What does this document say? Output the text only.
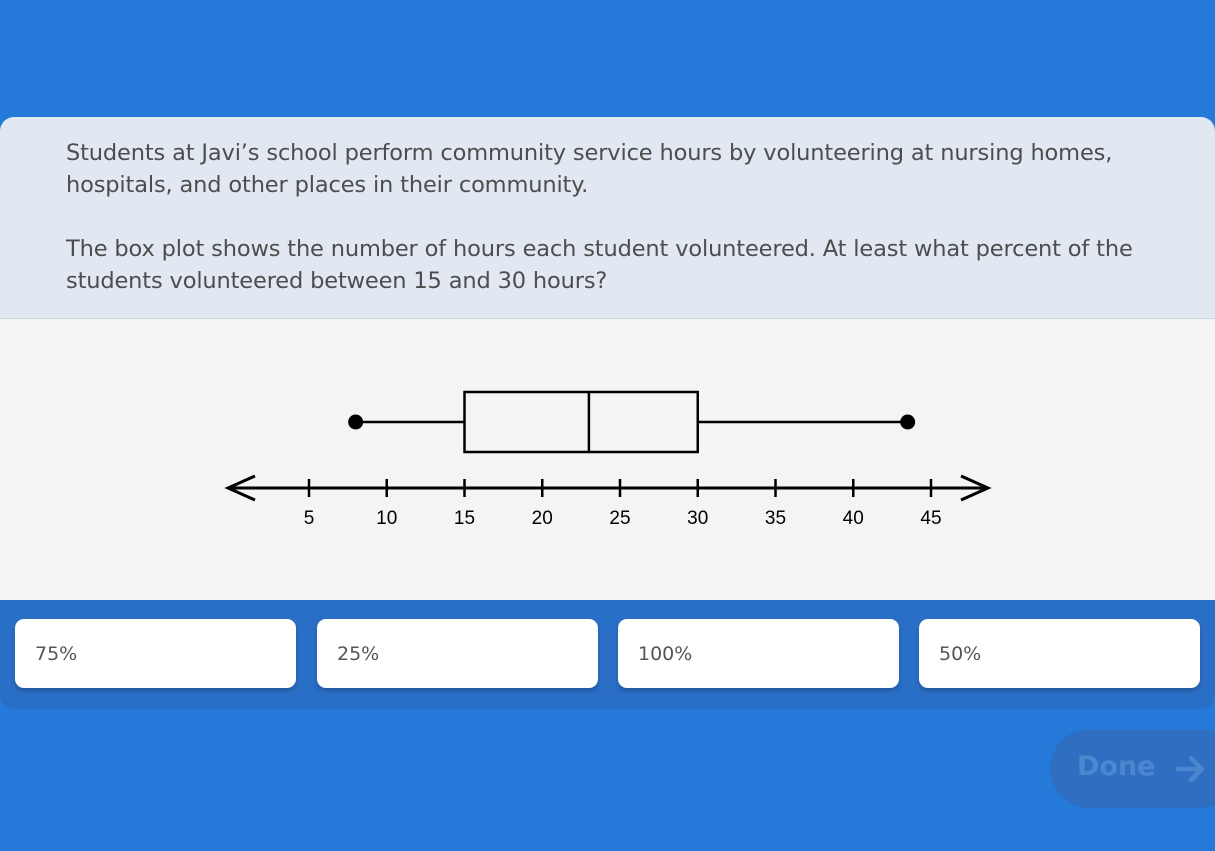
Students at Javi’s school perform community service hours by volunteering at nursing homes, hospitals, and other places in their community.

The box plot shows the number of hours each student volunteered. At least what percent of the students volunteered between 15 and 30 hours?

5	10	15	20	25	30	35	40	45
75%	25%	100%	50%
Done
